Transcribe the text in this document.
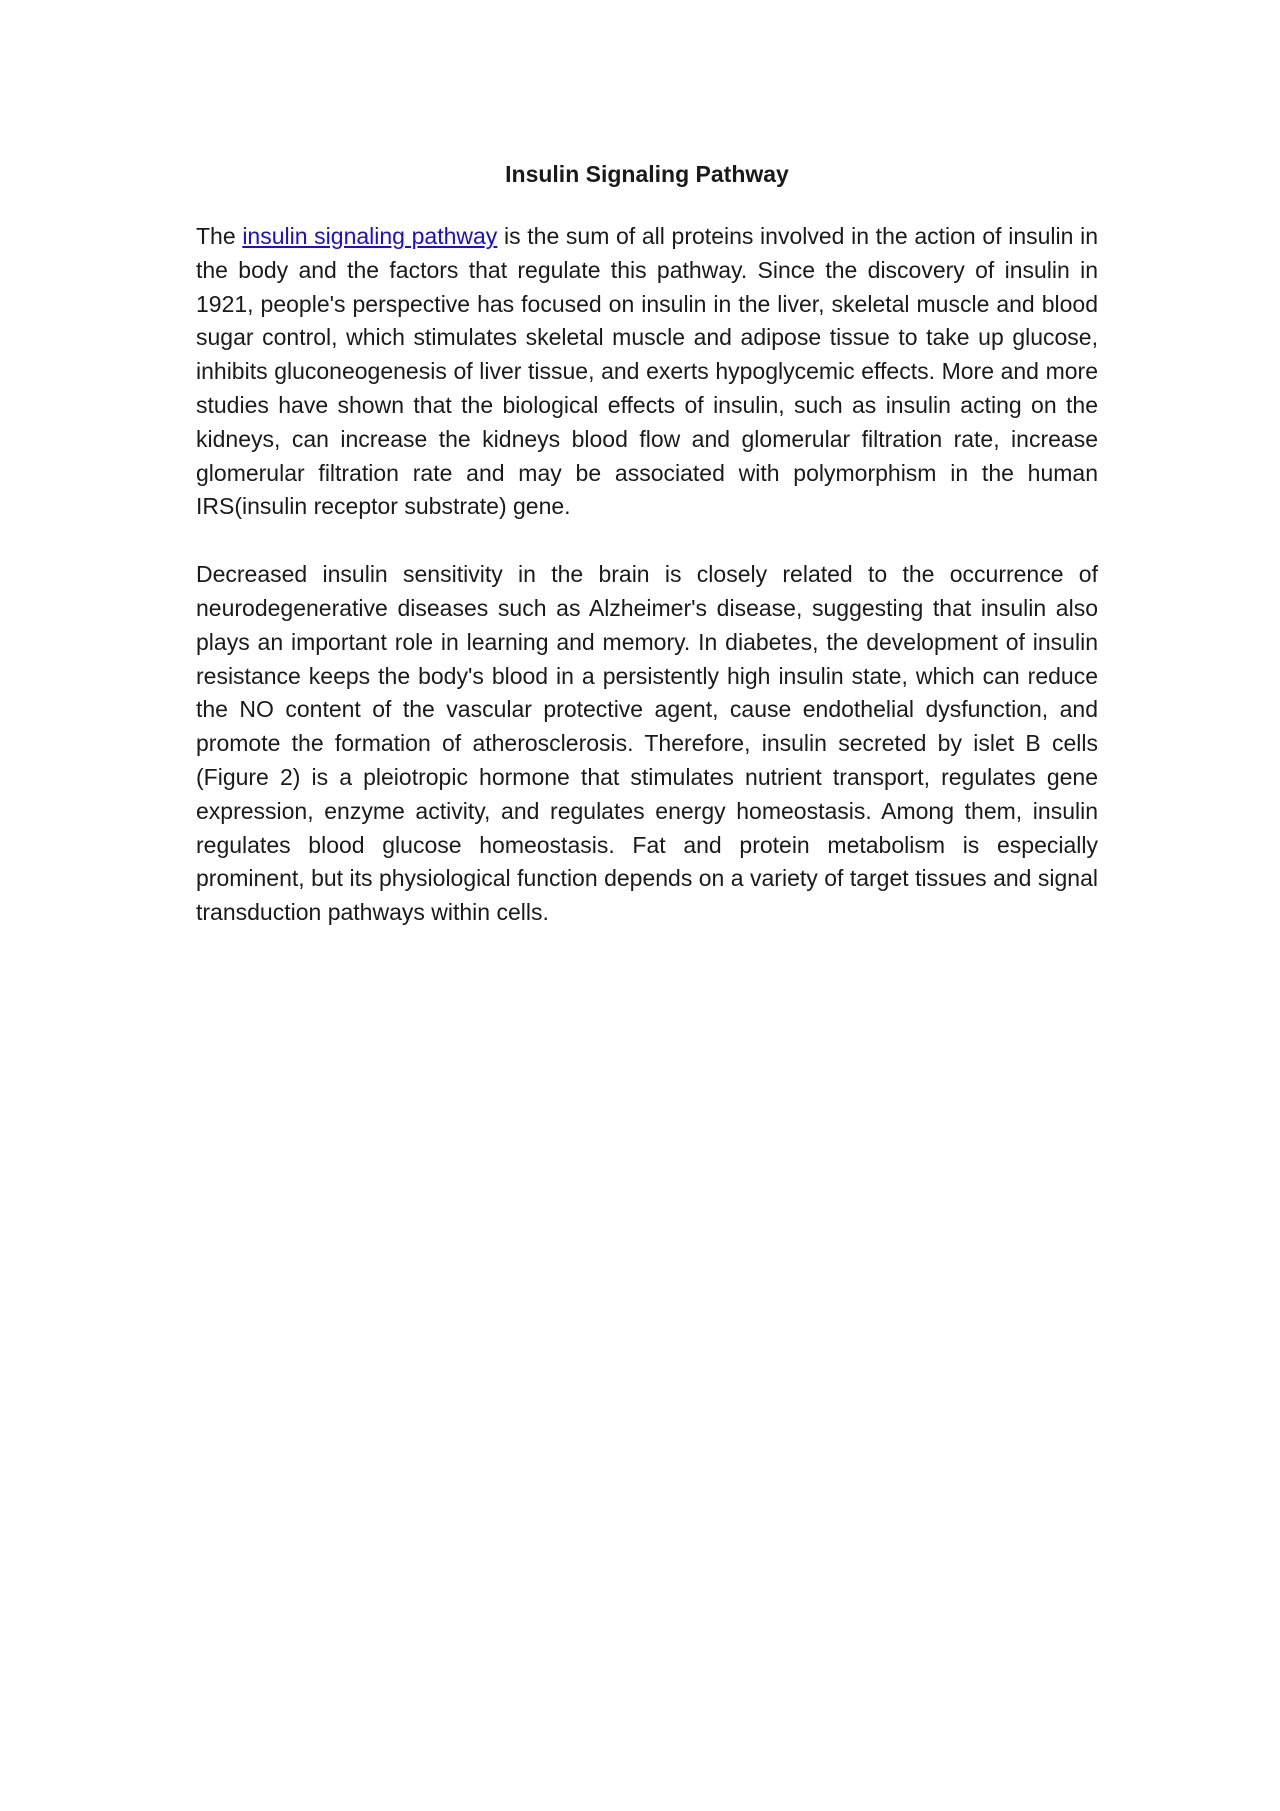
Insulin Signaling Pathway

The insulin signaling pathway is the sum of all proteins involved in the action of insulin in the body and the factors that regulate this pathway. Since the discovery of insulin in 1921, people's perspective has focused on insulin in the liver, skeletal muscle and blood sugar control, which stimulates skeletal muscle and adipose tissue to take up glucose, inhibits gluconeogenesis of liver tissue, and exerts hypoglycemic effects. More and more studies have shown that the biological effects of insulin, such as insulin acting on the kidneys, can increase the kidneys blood flow and glomerular filtration rate, increase glomerular filtration rate and may be associated with polymorphism in the human IRS(insulin receptor substrate) gene.

Decreased insulin sensitivity in the brain is closely related to the occurrence of neurodegenerative diseases such as Alzheimer's disease, suggesting that insulin also plays an important role in learning and memory. In diabetes, the development of insulin resistance keeps the body's blood in a persistently high insulin state, which can reduce the NO content of the vascular protective agent, cause endothelial dysfunction, and promote the formation of atherosclerosis. Therefore, insulin secreted by islet B cells (Figure 2) is a pleiotropic hormone that stimulates nutrient transport, regulates gene expression, enzyme activity, and regulates energy homeostasis. Among them, insulin regulates blood glucose homeostasis. Fat and protein metabolism is especially prominent, but its physiological function depends on a variety of target tissues and signal transduction pathways within cells.
